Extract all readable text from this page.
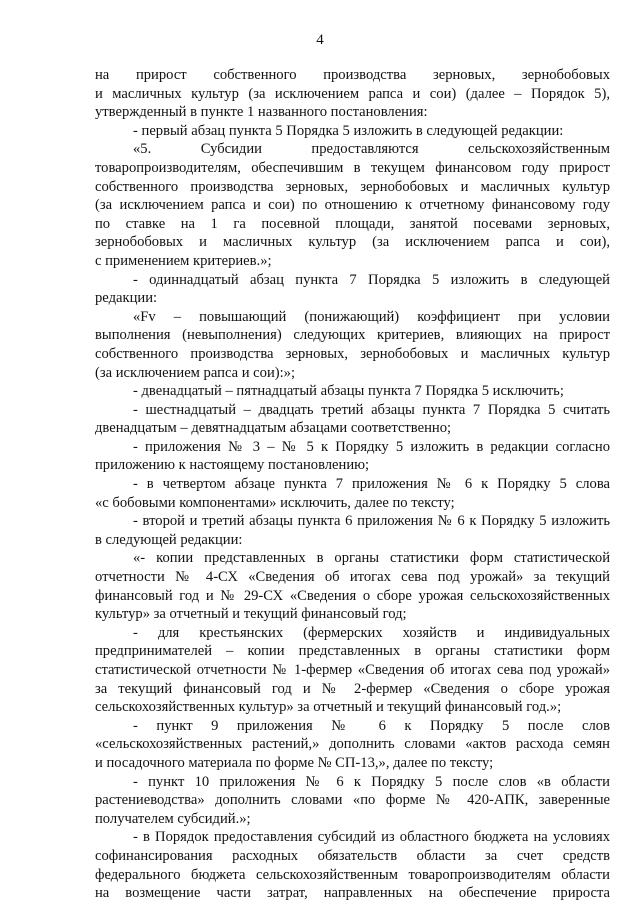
4
на прирост собственного производства зерновых, зернобобовых
и масличных культур (за исключением рапса и сои) (далее – Порядок 5),
утвержденный в пункте 1 названного постановления:
- первый абзац пункта 5 Порядка 5 изложить в следующей редакции:
«5. Субсидии предоставляются сельскохозяйственным
товаропроизводителям, обеспечившим в текущем финансовом году прирост
собственного производства зерновых, зернобобовых и масличных культур
(за исключением рапса и сои) по отношению к отчетному финансовому году
по ставке на 1 га посевной площади, занятой посевами зерновых,
зернобобовых и масличных культур (за исключением рапса и сои),
с применением критериев.»;
- одиннадцатый абзац пункта 7 Порядка 5 изложить в следующей
редакции:
«Fv – повышающий (понижающий) коэффициент при условии
выполнения (невыполнения) следующих критериев, влияющих на прирост
собственного производства зерновых, зернобобовых и масличных культур
(за исключением рапса и сои):»;
- двенадцатый – пятнадцатый абзацы пункта 7 Порядка 5 исключить;
- шестнадцатый – двадцать третий абзацы пункта 7 Порядка 5 считать
двенадцатым – девятнадцатым абзацами соответственно;
- приложения № 3 – № 5 к Порядку 5 изложить в редакции согласно
приложению к настоящему постановлению;
- в четвертом абзаце пункта 7 приложения № 6 к Порядку 5 слова
«с бобовыми компонентами» исключить, далее по тексту;
- второй и третий абзацы пункта 6 приложения № 6 к Порядку 5 изложить
в следующей редакции:
«- копии представленных в органы статистики форм статистической
отчетности № 4-СХ «Сведения об итогах сева под урожай» за текущий
финансовый год и № 29-СХ «Сведения о сборе урожая сельскохозяйственных
культур» за отчетный и текущий финансовый год;
- для крестьянских (фермерских хозяйств и индивидуальных
предпринимателей – копии представленных в органы статистики форм
статистической отчетности № 1-фермер «Сведения об итогах сева под урожай»
за текущий финансовый год и № 2-фермер «Сведения о сборе урожая
сельскохозяйственных культур» за отчетный и текущий финансовый год.»;
- пункт 9 приложения № 6 к Порядку 5 после слов
«сельскохозяйственных растений,» дополнить словами «актов расхода семян
и посадочного материала по форме № СП-13,», далее по тексту;
- пункт 10 приложения № 6 к Порядку 5 после слов «в области
растениеводства» дополнить словами «по форме № 420-АПК, заверенные
получателем субсидий.»;
- в Порядок предоставления субсидий из областного бюджета на условиях
софинансирования расходных обязательств области за счет средств
федерального бюджета сельскохозяйственным товаропроизводителям области
на возмещение части затрат, направленных на обеспечение прироста
